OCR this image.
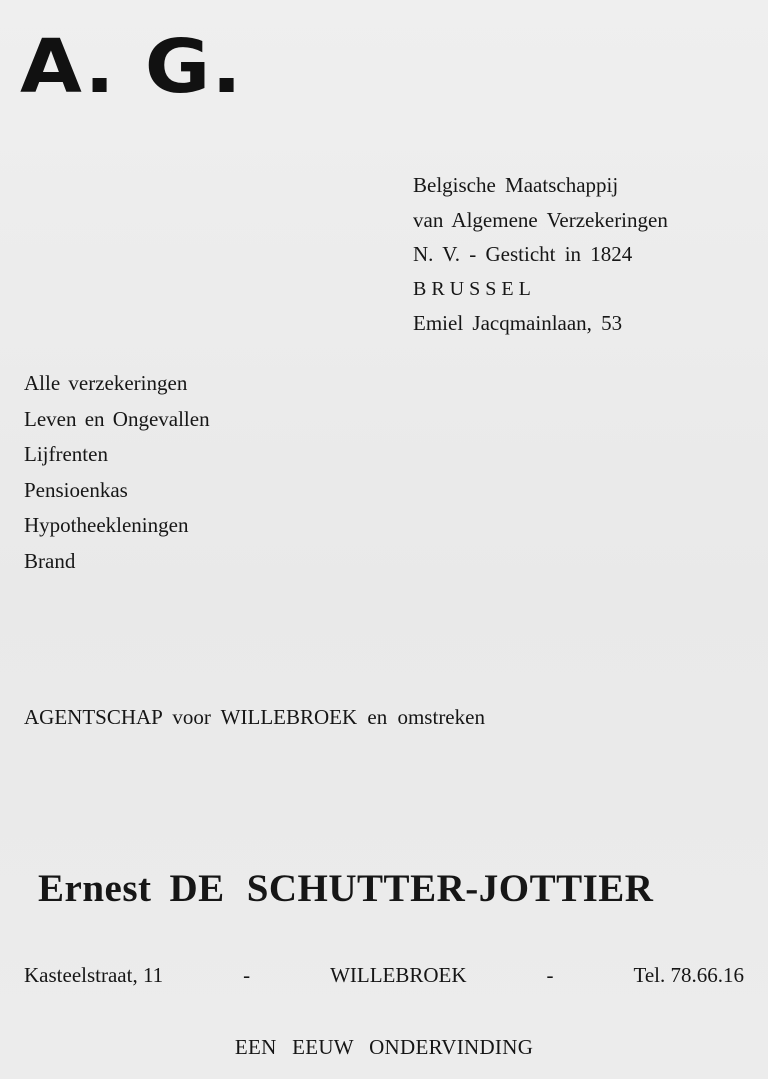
A. G.
Belgische Maatschappij
van Algemene Verzekeringen
N. V. - Gesticht in 1824
BRUSSEL
Emiel Jacqmainlaan, 53
Alle verzekeringen
Leven en Ongevallen
Lijfrenten
Pensioenkas
Hypotheekleningen
Brand
AGENTSCHAP voor WILLEBROEK en omstreken
Ernest DE SCHUTTER-JOTTIER
Kasteelstraat, 11	-	WILLEBROEK	-	Tel. 78.66.16
EEN EEUW ONDERVINDING
